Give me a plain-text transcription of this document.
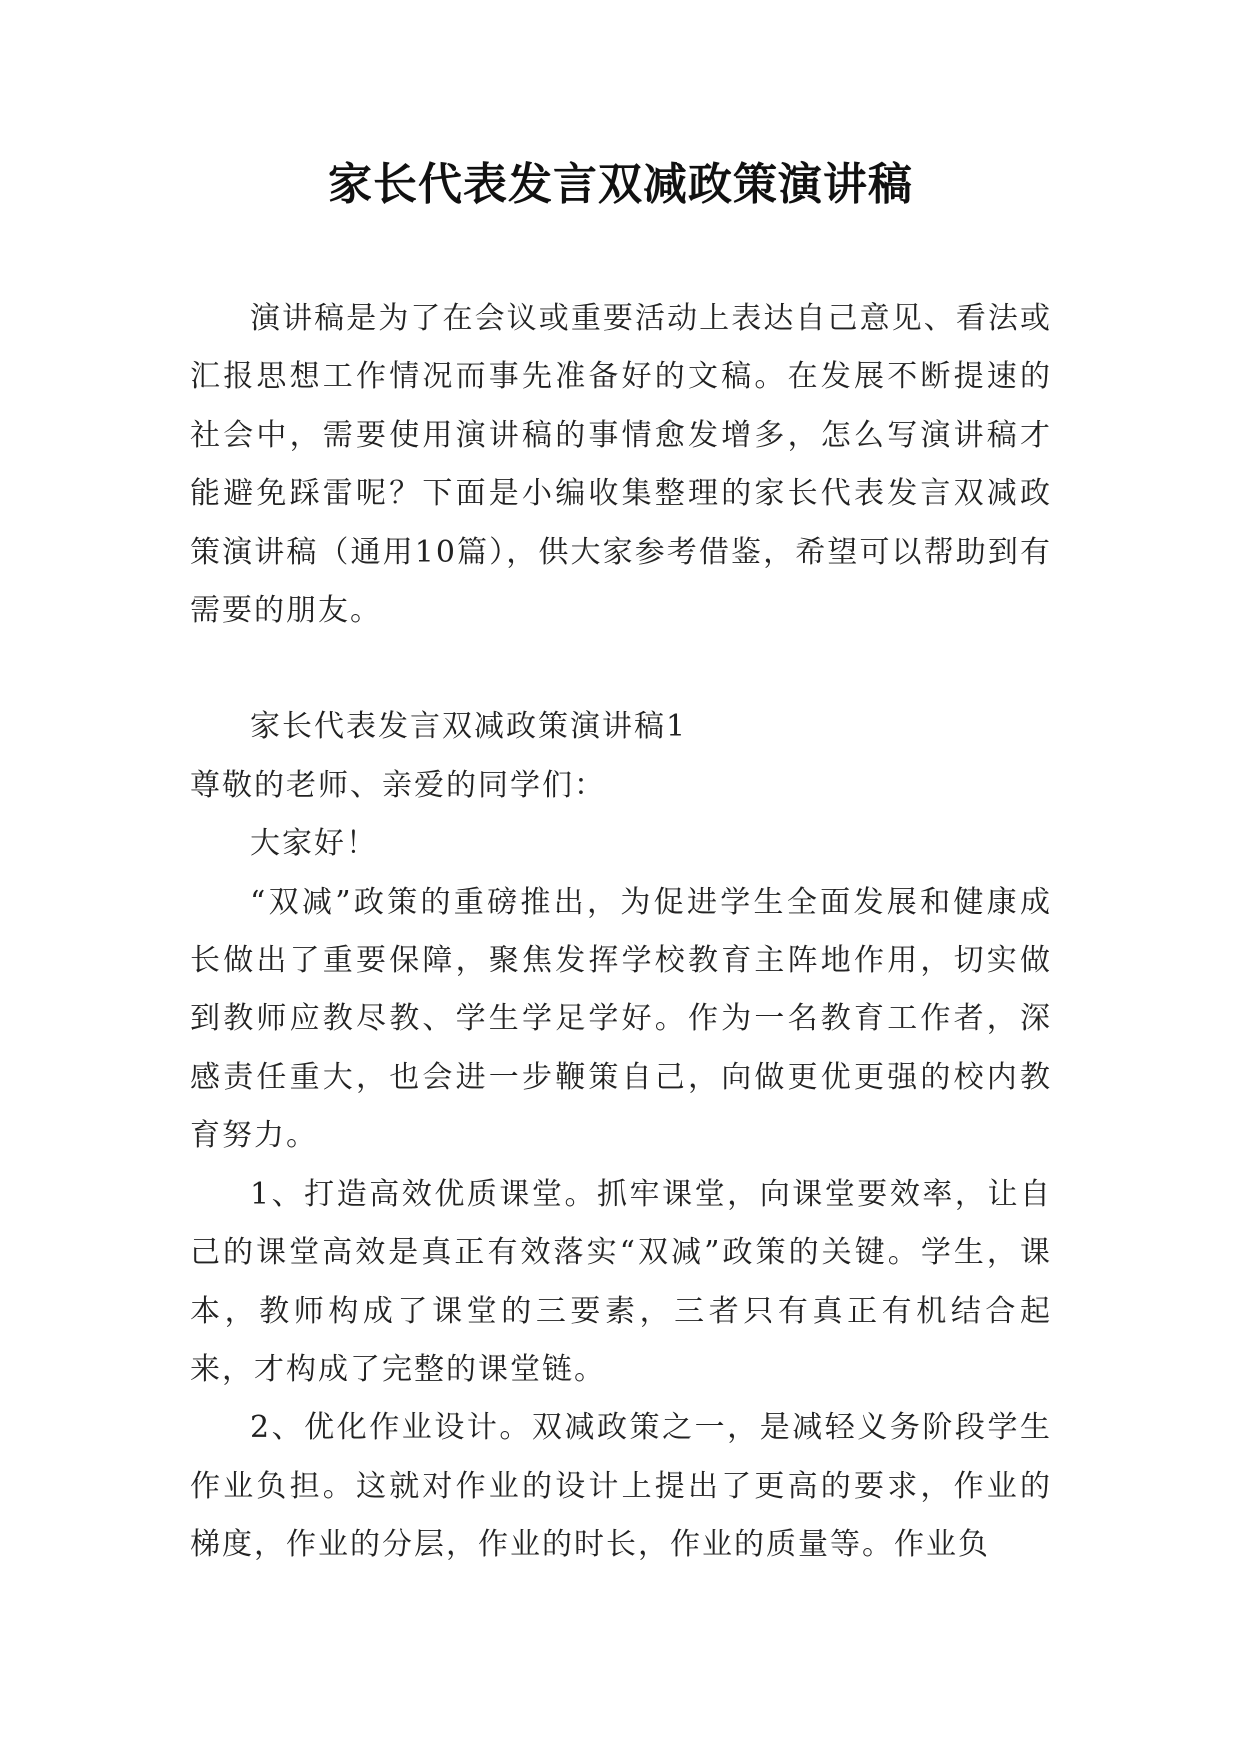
家长代表发言双减政策演讲稿

演讲稿是为了在会议或重要活动上表达自己意见、看法或汇报思想工作情况而事先准备好的文稿。在发展不断提速的社会中，需要使用演讲稿的事情愈发增多，怎么写演讲稿才能避免踩雷呢？下面是小编收集整理的家长代表发言双减政策演讲稿（通用10篇），供大家参考借鉴，希望可以帮助到有需要的朋友。

家长代表发言双减政策演讲稿1

尊敬的老师、亲爱的同学们：

大家好！

“双减”政策的重磅推出，为促进学生全面发展和健康成长做出了重要保障，聚焦发挥学校教育主阵地作用，切实做到教师应教尽教、学生学足学好。作为一名教育工作者，深感责任重大，也会进一步鞭策自己，向做更优更强的校内教育努力。

1、打造高效优质课堂。抓牢课堂，向课堂要效率，让自己的课堂高效是真正有效落实“双减”政策的关键。学生，课本，教师构成了课堂的三要素，三者只有真正有机结合起来，才构成了完整的课堂链。

2、优化作业设计。双减政策之一，是减轻义务阶段学生作业负担。这就对作业的设计上提出了更高的要求，作业的梯度，作业的分层，作业的时长，作业的质量等。作业负
